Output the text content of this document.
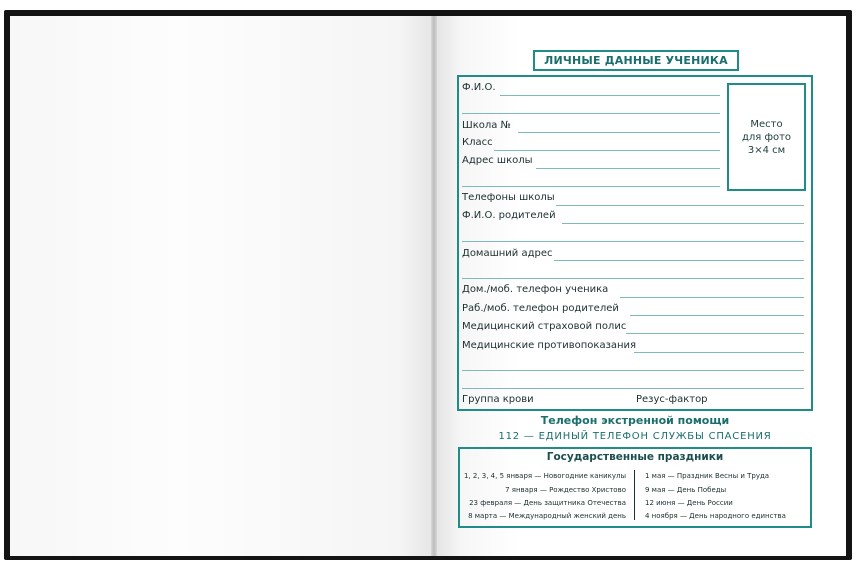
ЛИЧНЫЕ ДАННЫЕ УЧЕНИКА
Место
для фото
3×4 см
Ф.И.О.
Школа №
Класс
Адрес школы
Телефоны школы
Ф.И.О. родителей
Домашний адрес
Дом./моб. телефон ученика
Раб./моб. телефон родителей
Медицинский страховой полис
Медицинские противопоказания
Группа крови	Резус-фактор
Телефон экстренной помощи
112 — ЕДИНЫЙ ТЕЛЕФОН СЛУЖБЫ СПАСЕНИЯ
Государственные праздники
1, 2, 3, 4, 5 января — Новогодние каникулы
7 января — Рождество Христово
23 февраля — День защитника Отечества
8 марта — Международный женский день
1 мая — Праздник Весны и Труда
9 мая — День Победы
12 июня — День России
4 ноября — День народного единства
